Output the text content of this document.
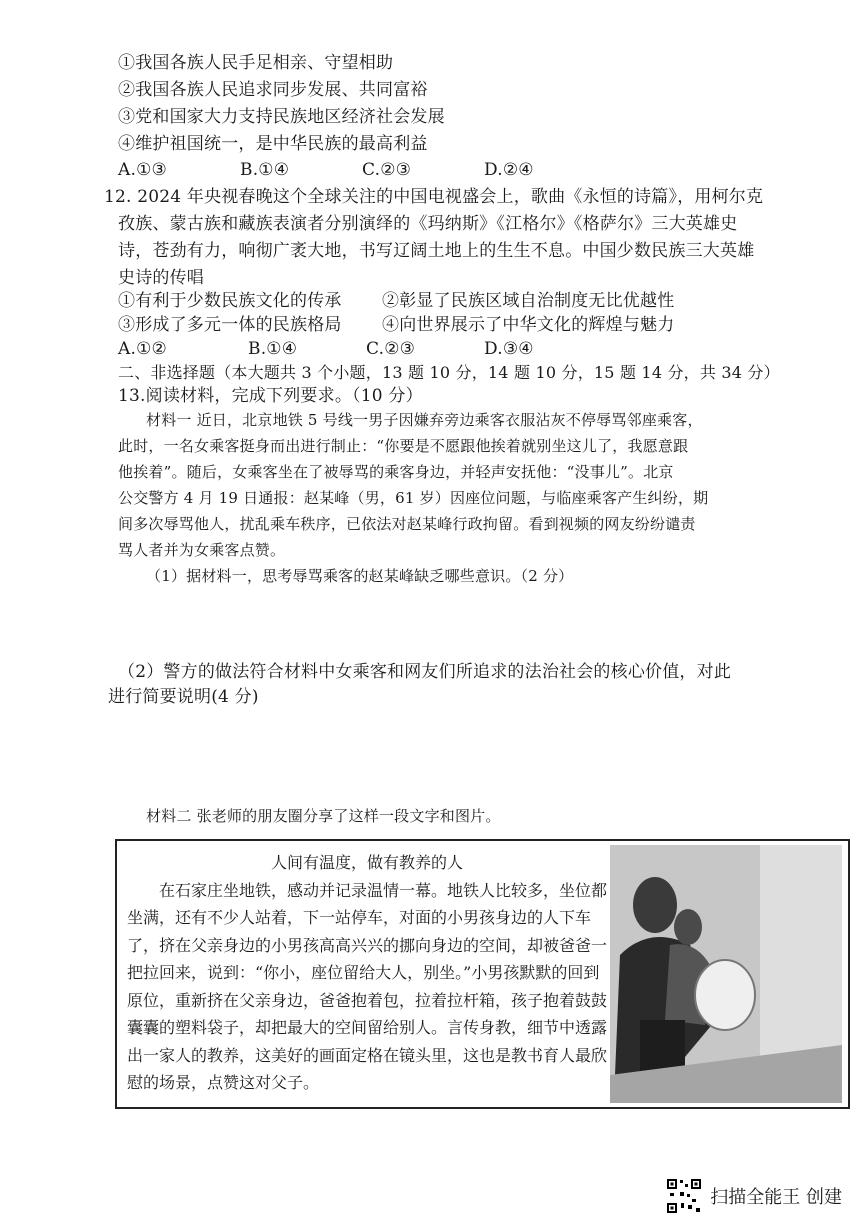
①我国各族人民手足相亲、守望相助
②我国各族人民追求同步发展、共同富裕
③党和国家大力支持民族地区经济社会发展
④维护祖国统一，是中华民族的最高利益
A.①③	B.①④	C.②③	D.②④
12. 2024 年央视春晚这个全球关注的中国电视盛会上，歌曲《永恒的诗篇》，用柯尔克
孜族、蒙古族和藏族表演者分别演绎的《玛纳斯》《江格尔》《格萨尔》三大英雄史
诗，苍劲有力，响彻广袤大地，书写辽阔土地上的生生不息。中国少数民族三大英雄
史诗的传唱
①有利于少数民族文化的传承 ②彰显了民族区域自治制度无比优越性
③形成了多元一体的民族格局 ④向世界展示了中华文化的辉煌与魅力
A.①②	B.①④	C.②③	D.③④
二、非选择题（本大题共 3 个小题，13 题 10 分，14 题 10 分，15 题 14 分，共 34 分）
13.阅读材料，完成下列要求。（10 分）
材料一 近日，北京地铁 5 号线一男子因嫌弃旁边乘客衣服沾灰不停辱骂邻座乘客，
此时，一名女乘客挺身而出进行制止：“你要是不愿跟他挨着就别坐这儿了，我愿意跟
他挨着”。随后，女乘客坐在了被辱骂的乘客身边，并轻声安抚他：“没事儿”。北京
公交警方 4 月 19 日通报：赵某峰（男，61 岁）因座位问题，与临座乘客产生纠纷，期
间多次辱骂他人，扰乱乘车秩序，已依法对赵某峰行政拘留。看到视频的网友纷纷谴责
骂人者并为女乘客点赞。
（1）据材料一，思考辱骂乘客的赵某峰缺乏哪些意识。（2 分）
（2）警方的做法符合材料中女乘客和网友们所追求的法治社会的核心价值，对此
进行简要说明(4 分)
材料二 张老师的朋友圈分享了这样一段文字和图片。
人间有温度，做有教养的人

在石家庄坐地铁，感动并记录温情一幕。地铁人比较多，坐位都坐满，还有不少人站着，下一站停车，对面的小男孩身边的人下车了，挤在父亲身边的小男孩高高兴兴的挪向身边的空间，却被爸爸一把拉回来，说到：“你小，座位留给大人，别坐。”小男孩默默的回到原位，重新挤在父亲身边，爸爸抱着包，拉着拉杆箱，孩子抱着鼓鼓囊囊的塑料袋子，却把最大的空间留给别人。言传身教，细节中透露出一家人的教养，这美好的画面定格在镜头里，这也是教书育人最欣慰的场景，点赞这对父子。

扫描全能王 创建
